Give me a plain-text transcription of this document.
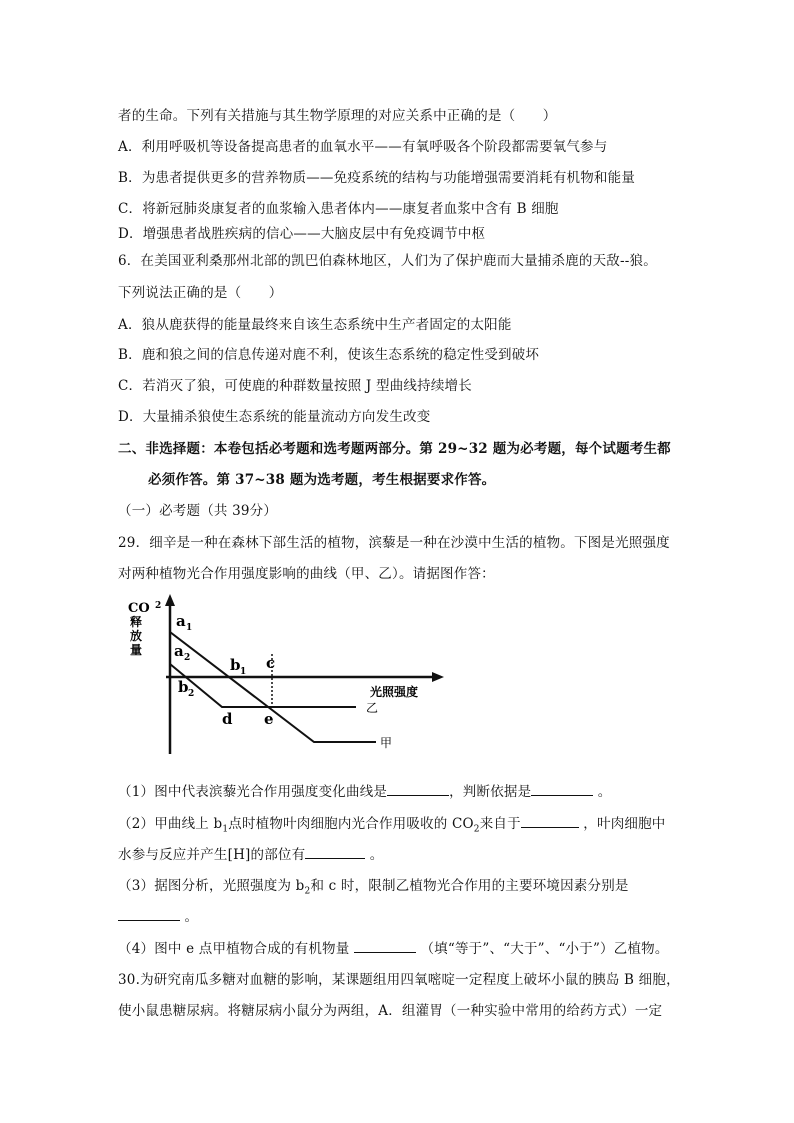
者的生命。下列有关措施与其生物学原理的对应关系中正确的是（　　）
A．利用呼吸机等设备提高患者的血氧水平——有氧呼吸各个阶段都需要氧气参与
B．为患者提供更多的营养物质——免疫系统的结构与功能增强需要消耗有机物和能量
C．将新冠肺炎康复者的血浆输入患者体内——康复者血浆中含有 B 细胞
D．增强患者战胜疾病的信心——大脑皮层中有免疫调节中枢
6．在美国亚利桑那州北部的凯巴伯森林地区，人们为了保护鹿而大量捕杀鹿的天敌--狼。
下列说法正确的是（　　）
A．狼从鹿获得的能量最终来自该生态系统中生产者固定的太阳能
B．鹿和狼之间的信息传递对鹿不利，使该生态系统的稳定性受到破坏
C．若消灭了狼，可使鹿的种群数量按照 J 型曲线持续增长
D．大量捕杀狼使生态系统的能量流动方向发生改变
二、非选择题：本卷包括必考题和选考题两部分。第 29~32 题为必考题，每个试题考生都
必须作答。第 37~38 题为选考题，考生根据要求作答。
（一）必考题（共 39分）
29．细辛是一种在森林下部生活的植物，滨藜是一种在沙漠中生活的植物。下图是光照强度
对两种植物光合作用强度影响的曲线（甲、乙）。请据图作答：
CO 2
释
放
量
光照强度
甲
乙
a 1
a 2	b 1
b 2
c
d e
（1）图中代表滨藜光合作用强度变化曲线是	，判断依据是	。
（2）甲曲线上 $b_1$点时植物叶肉细胞内光合作用吸收的 $CO_2$来自于	，叶肉细胞中
水参与反应并产生[H]的部位有	。
（3）据图分析，光照强度为 $b_2$和 c 时，限制乙植物光合作用的主要环境因素分别是
。
（4）图中 e 点甲植物合成的有机物量	（填“等于”、“大于”、“小于”）乙植物。
30.为研究南瓜多糖对血糖的影响，某课题组用四氧嘧啶一定程度上破坏小鼠的胰岛 B 细胞，
使小鼠患糖尿病。将糖尿病小鼠分为两组，A．组灌胃（一种实验中常用的给药方式）一定
